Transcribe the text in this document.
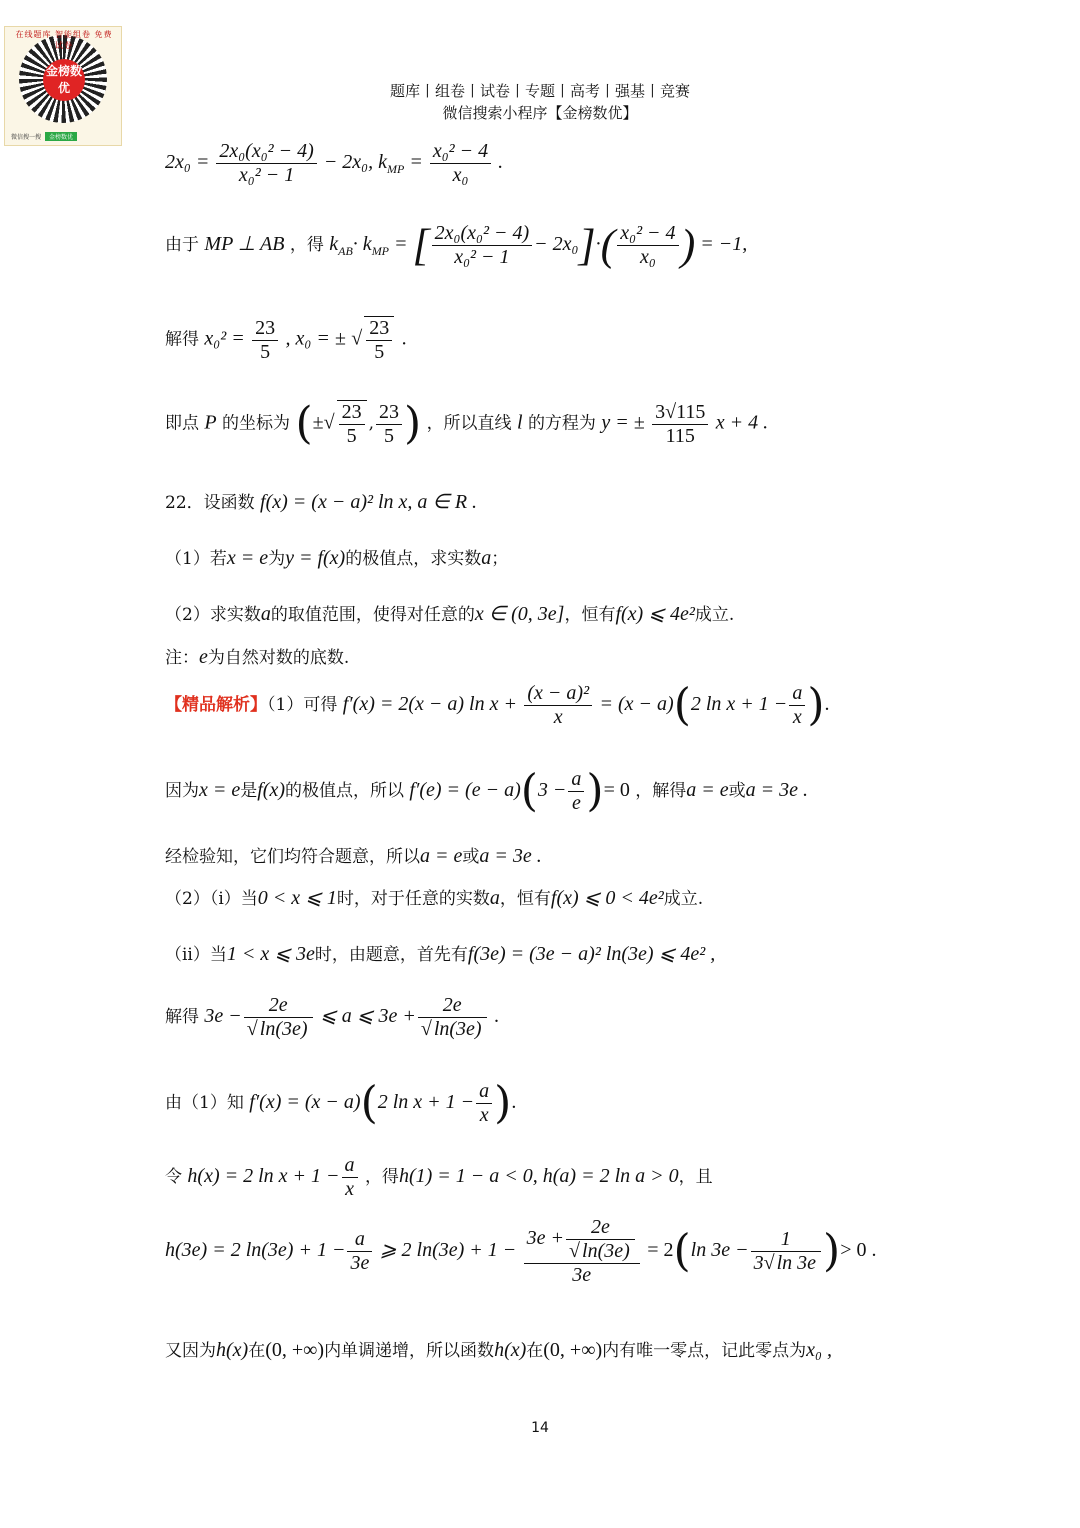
在线题库 智能组卷 免费试卷
金榜数优
微信搜一搜 金榜数优
题库丨组卷丨试卷丨专题丨高考丨强基丨竞赛
微信搜索小程序【金榜数优】
$2x_0 = \frac{\text{2x₀(x₀² − 4)}}{\text{x₀² − 1}} - 2x_0$, $k_{MP} = \frac{\text{x₀² − 4}}{\text{x₀}}$ .
由于 MP ⊥ AB ，得 $k_{AB}\cdot k_{MP}$ = [ $\frac{\text{2x₀(x₀² − 4)}}{\text{x₀² − 1}} - 2x_0]\cdot( \frac{\text{x₀² − 4}}{\text{x₀}}$ ) = −1,
解得 $x_0^2 = \frac{23}{5}$ , x₀ = ± √ $\frac{23}{5}$ .
即点 P 的坐标为 (±√ $\frac{23}{5}$ , $\frac{23}{5}$ ) ，所以直线 l 的方程为 y = ± $\frac{3√115}{115}$ x + 4 .
22．设函数 f(x) = (x − a)² ln x, a ∈ R .
（1）若x = e为y = f(x)的极值点，求实数a；
（2）求实数a的取值范围，使得对任意的x ∈ (0, 3e]，恒有f(x) ⩽ 4e²成立.
注：e为自然对数的底数.
【精品解析】（1）可得 f′(x) = 2(x − a) $\ln x + \frac{\text{(x − a)²}}{x} = (x - a)(2$ $\ln x + 1 - \frac{a}{x}$ ).
因为x = e是f(x)的极值点，所以 $f'(e) = (e - a)(3 - \frac{a}{e}$ )= 0 ，解得a = e或a = 3e .
经检验知，它们均符合题意，所以a = e或a = 3e .
（2）（i）当0 < x ⩽ 1时，对于任意的实数a，恒有f(x) ⩽ 0 < 4e²成立.
（ii）当1 < x ⩽ 3e时，由题意，首先有f(3e) = (3e − a)² ln(3e) ⩽ 4e² ,
解得 $3e - \frac{2e}{√ \ln(3e)}$ ⩽ a ⩽ $3e + \frac{2e}{√ \ln(3e)}$ .
由（1）知 f′(x) = (x − a)(2 $\ln x + 1 - \frac{a}{x}$ ).
令 h(x) = 2 $\ln x + 1 - \frac{a}{x}$ ，得h(1) = 1 − a < 0, h(a) = 2 ln a > 0，且
h(3e) = 2 $\ln(3e) + 1 - \frac{a}{3e}$ ⩾ 2 $\ln(3e) + 1 - \frac{3e + \frac{2e}{√ \ln(3e)}}{3e} = 2(\ln$ $3e - \frac{1}{3√ \ln 3e}$ )> 0 .
又因为h(x)在(0, +∞)内单调递增，所以函数h(x)在(0, +∞)内有唯一零点，记此零点为x₀ ,
14
